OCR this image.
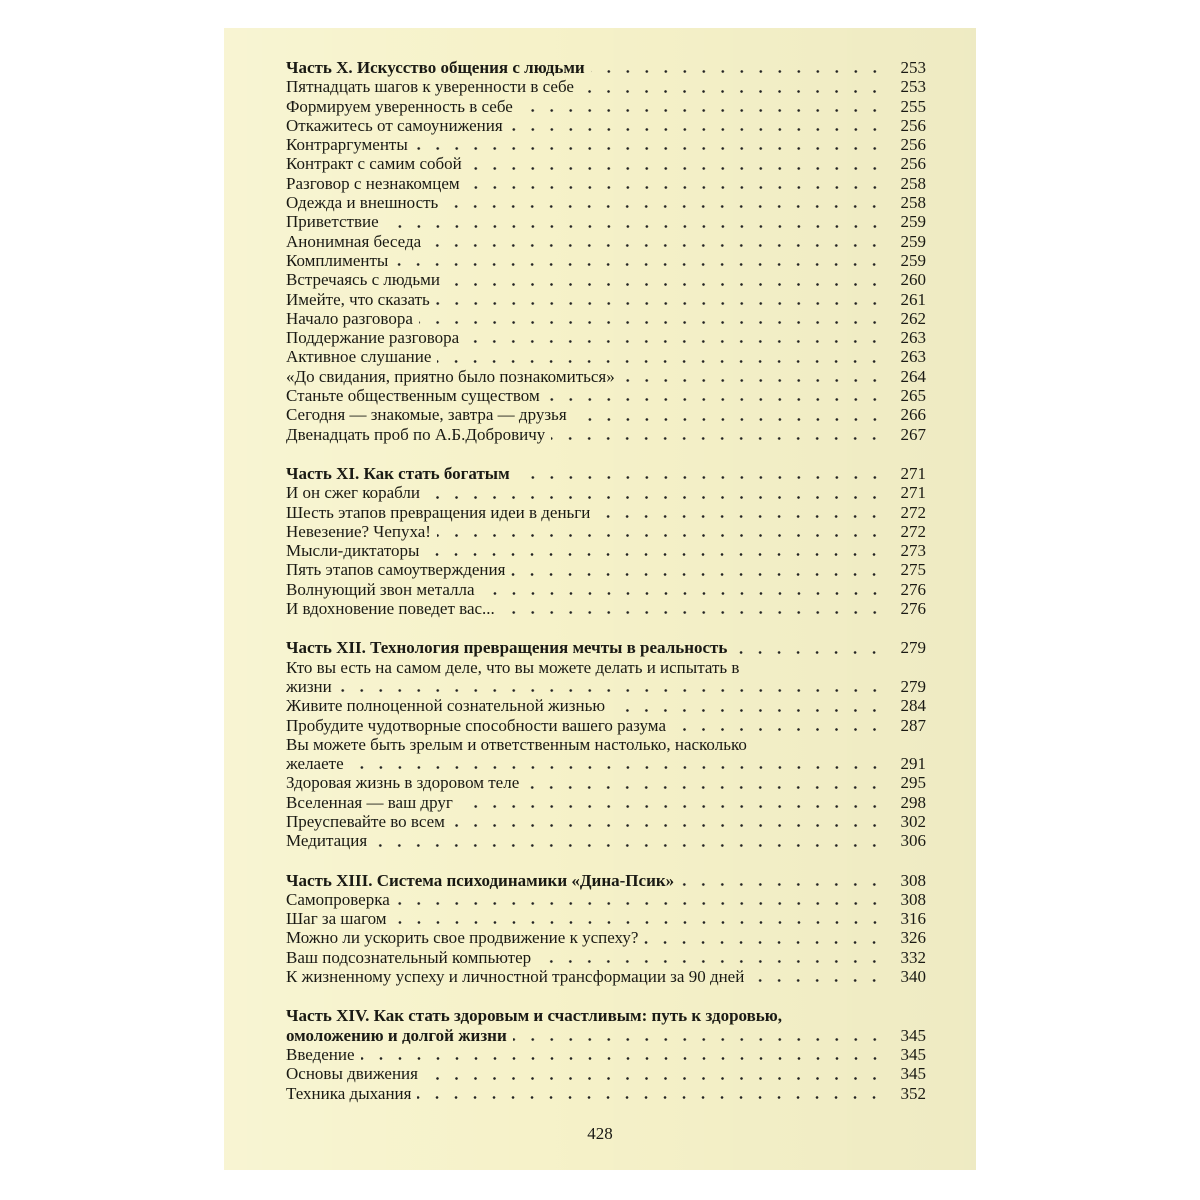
Часть X. Искусство общения с людьми	253
Пятнадцать шагов к уверенности в себе	253
Формируем уверенность в себе	255
Откажитесь от самоунижения	256
Контраргументы	256
Контракт с самим собой	256
Разговор с незнакомцем	258
Одежда и внешность	258
Приветствие	259
Анонимная беседа	259
Комплименты	259
Встречаясь с людьми	260
Имейте, что сказать	261
Начало разговора	262
Поддержание разговора	263
Активное слушание	263
«До свидания, приятно было познакомиться»	264
Станьте общественным существом	265
Сегодня — знакомые, завтра — друзья	266
Двенадцать проб по А.Б.Добровичу	267
Часть XI. Как стать богатым	271
И он сжег корабли	271
Шесть этапов превращения идеи в деньги	272
Невезение? Чепуха!	272
Мысли-диктаторы	273
Пять этапов самоутверждения	275
Волнующий звон металла	276
И вдохновение поведет вас...	276
Часть XII. Технология превращения мечты в реальность	279
Кто вы есть на самом деле, что вы можете делать и испытать в
жизни	279
Живите полноценной сознательной жизнью	284
Пробудите чудотворные способности вашего разума	287
Вы можете быть зрелым и ответственным настолько, насколько
желаете	291
Здоровая жизнь в здоровом теле	295
Вселенная — ваш друг	298
Преуспевайте во всем	302
Медитация	306
Часть XIII. Система психодинамики «Дина-Псик»	308
Самопроверка	308
Шаг за шагом	316
Можно ли ускорить свое продвижение к успеху?	326
Ваш подсознательный компьютер	332
К жизненному успеху и личностной трансформации за 90 дней	340
Часть XIV. Как стать здоровым и счастливым: путь к здоровью,
омоложению и долгой жизни	345
Введение	345
Основы движения	345
Техника дыхания	352
428
